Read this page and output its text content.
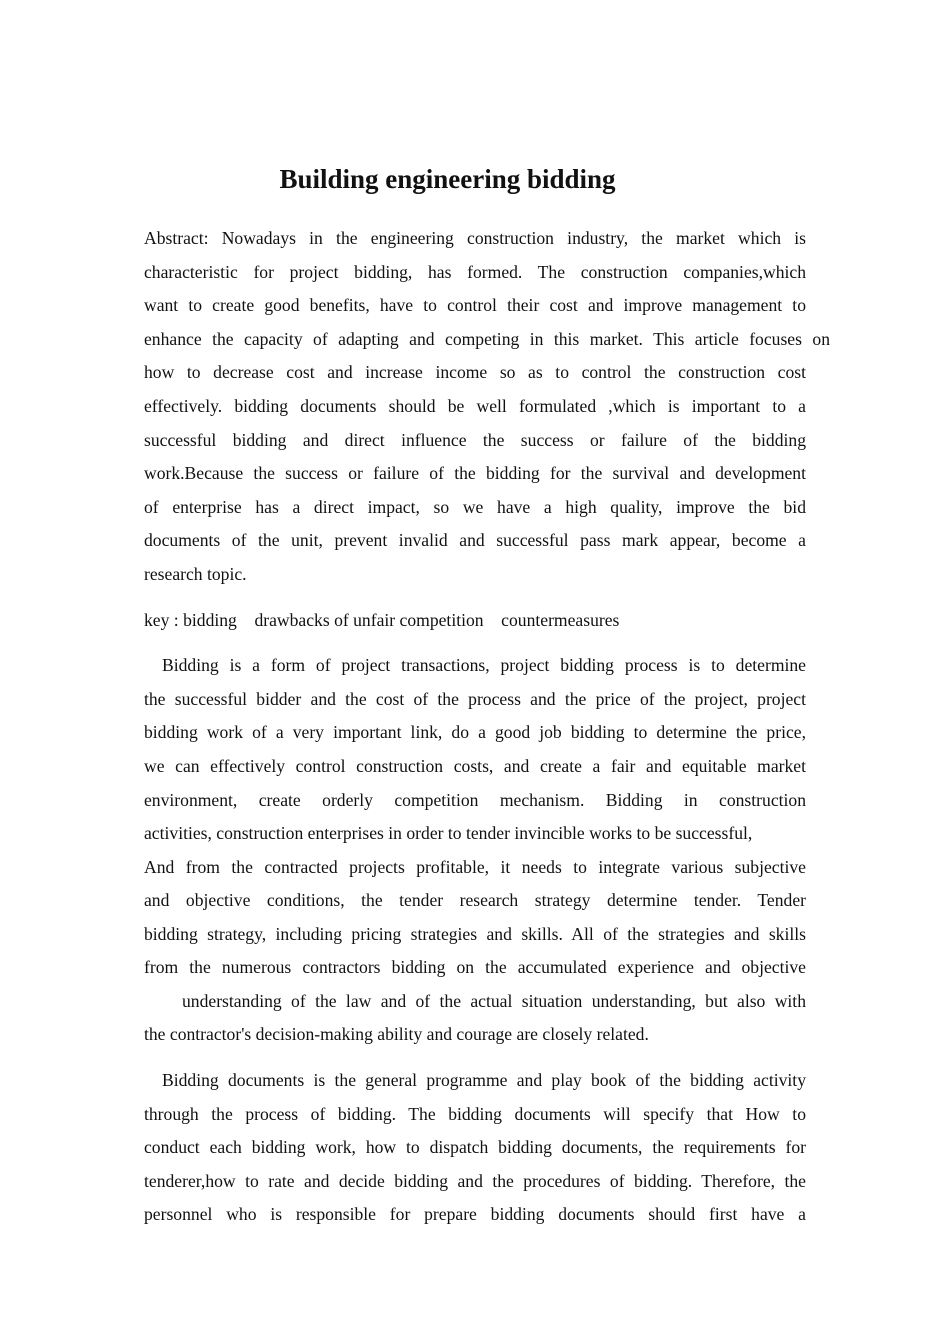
Building engineering bidding
Abstract: Nowadays in the engineering construction industry, the market which is
characteristic for project bidding, has formed. The construction companies,which
want to create good benefits, have to control their cost and improve management to
enhance the capacity of adapting and competing in this market. This article focuses on
how to decrease cost and increase income so as to control the construction cost
effectively. bidding documents should be well formulated ,which is important to a
successful bidding and direct influence the success or failure of the bidding
work.Because the success or failure of the bidding for the survival and development
of enterprise has a direct impact, so we have a high quality, improve the bid
documents of the unit, prevent invalid and successful pass mark appear, become a
research topic.
key : bidding    drawbacks of unfair competition    countermeasures
Bidding is a form of project transactions, project bidding process is to determine
the successful bidder and the cost of the process and the price of the project, project
bidding work of a very important link, do a good job bidding to determine the price,
we can effectively control construction costs, and create a fair and equitable market
environment, create orderly competition mechanism. Bidding in construction
activities, construction enterprises in order to tender invincible works to be successful,
And from the contracted projects profitable, it needs to integrate various subjective
and objective conditions, the tender research strategy determine tender. Tender
bidding strategy, including pricing strategies and skills. All of the strategies and skills
from the numerous contractors bidding on the accumulated experience and objective
understanding of the law and of the actual situation understanding, but also with
the contractor's decision-making ability and courage are closely related.
Bidding documents is the general programme and play book of the bidding activity
through the process of bidding. The bidding documents will specify that How to
conduct each bidding work, how to dispatch bidding documents, the requirements for
tenderer,how to rate and decide bidding and the procedures of bidding. Therefore, the
personnel who is responsible for prepare bidding documents should first have a
